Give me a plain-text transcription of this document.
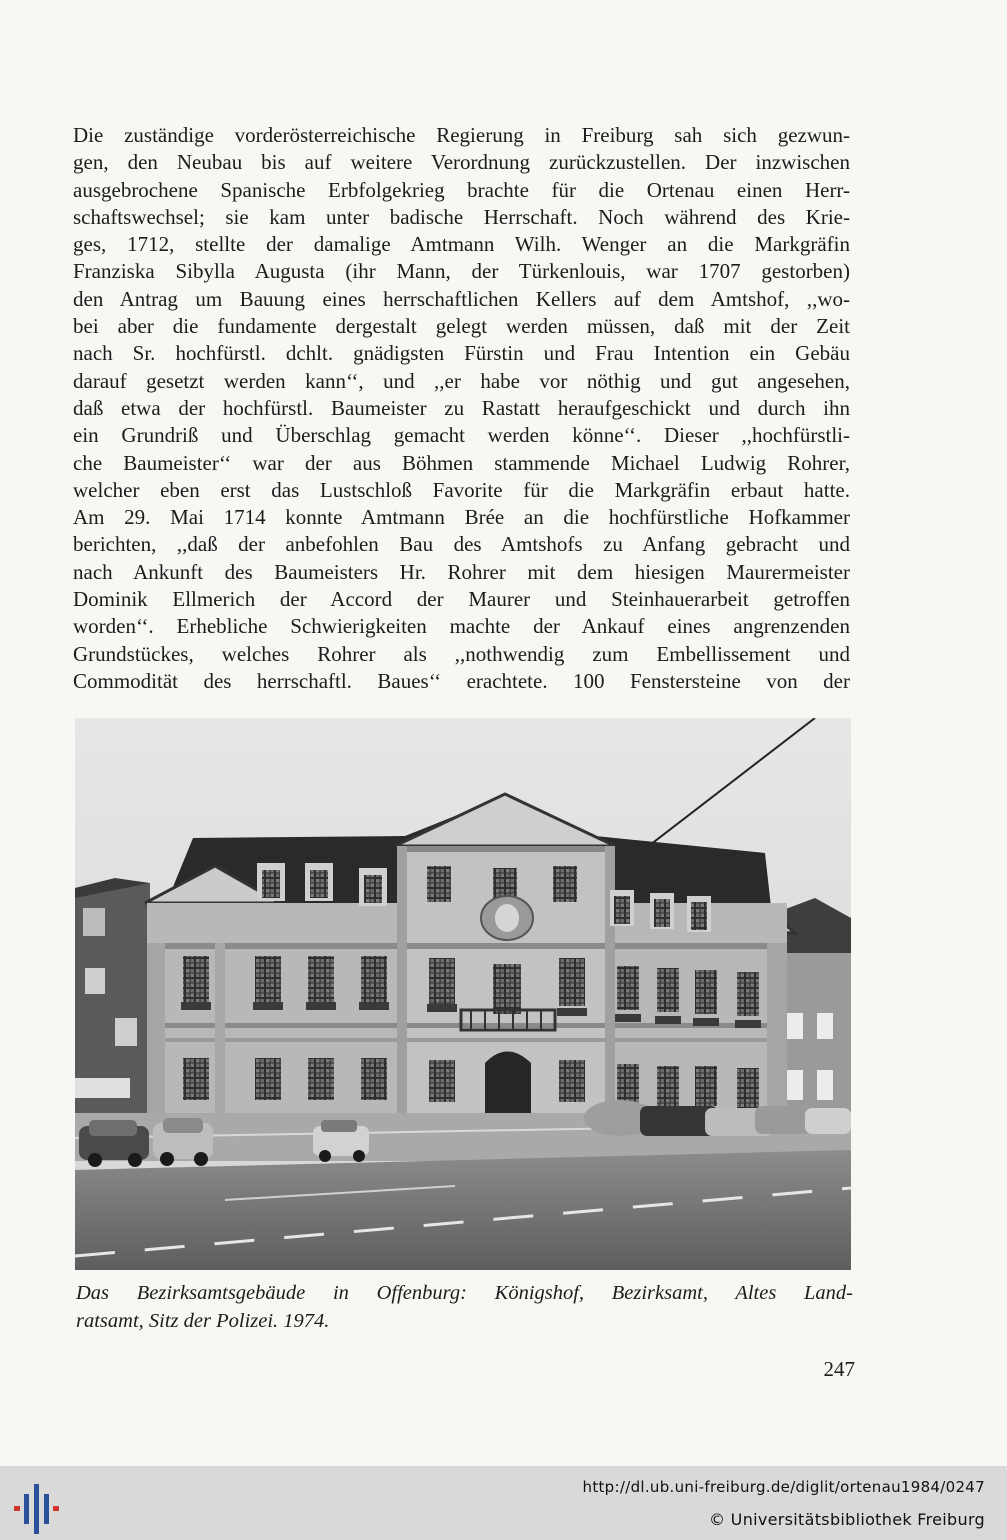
Die zuständige vorderösterreichische Regierung in Freiburg sah sich gezwun-
gen, den Neubau bis auf weitere Verordnung zurückzustellen. Der inzwischen
ausgebrochene Spanische Erbfolgekrieg brachte für die Ortenau einen Herr-
schaftswechsel; sie kam unter badische Herrschaft. Noch während des Krie-
ges, 1712, stellte der damalige Amtmann Wilh. Wenger an die Markgräfin
Franziska Sibylla Augusta (ihr Mann, der Türkenlouis, war 1707 gestorben)
den Antrag um Bauung eines herrschaftlichen Kellers auf dem Amtshof, ,,wo-
bei aber die fundamente dergestalt gelegt werden müssen, daß mit der Zeit
nach Sr. hochfürstl. dchlt. gnädigsten Fürstin und Frau Intention ein Gebäu
darauf gesetzt werden kann‘‘, und ,,er habe vor nöthig und gut angesehen,
daß etwa der hochfürstl. Baumeister zu Rastatt heraufgeschickt und durch ihn
ein Grundriß und Überschlag gemacht werden könne‘‘. Dieser ,,hochfürstli-
che Baumeister‘‘ war der aus Böhmen stammende Michael Ludwig Rohrer,
welcher eben erst das Lustschloß Favorite für die Markgräfin erbaut hatte.
Am 29. Mai 1714 konnte Amtmann Brée an die hochfürstliche Hofkammer
berichten, ,,daß der anbefohlen Bau des Amtshofs zu Anfang gebracht und
nach Ankunft des Baumeisters Hr. Rohrer mit dem hiesigen Maurermeister
Dominik Ellmerich der Accord der Maurer und Steinhauerarbeit getroffen
worden‘‘. Erhebliche Schwierigkeiten machte der Ankauf eines angrenzenden
Grundstückes, welches Rohrer als ,,nothwendig zum Embellissement und
Commodität des herrschaftl. Baues‘‘ erachtete. 100 Fenstersteine von der
Das Bezirksamtsgebäude in Offenburg: Königshof, Bezirksamt, Altes Land-
ratsamt, Sitz der Polizei. 1974.
247
http://dl.ub.uni-freiburg.de/diglit/ortenau1984/0247
© Universitätsbibliothek Freiburg
